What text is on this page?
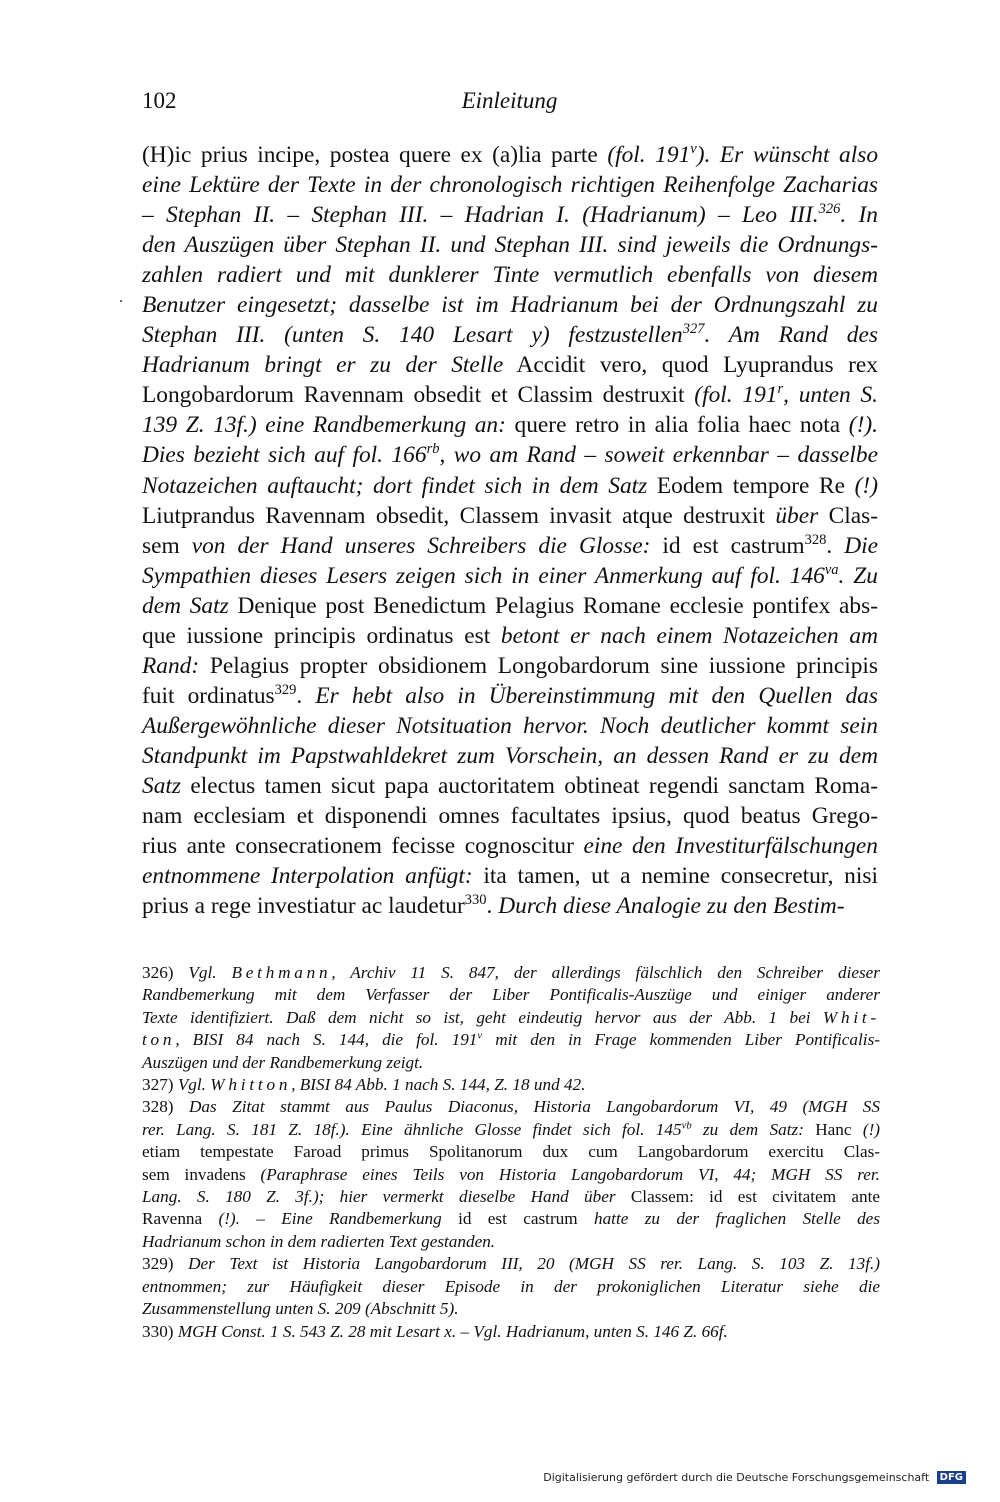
102	Einleitung
(H)ic prius incipe, postea quere ex (a)lia parte (fol. 191$^v$). Er wünscht also
eine Lektüre der Texte in der chronologisch richtigen Reihenfolge Zacharias
– Stephan II. – Stephan III. – Hadrian I. (Hadrianum) – Leo III.$^{326}$. In
den Auszügen über Stephan II. und Stephan III. sind jeweils die Ordnungs-
zahlen radiert und mit dunklerer Tinte vermutlich ebenfalls von diesem
Benutzer eingesetzt; dasselbe ist im Hadrianum bei der Ordnungszahl zu
Stephan III. (unten S. 140 Lesart y) festzustellen$^{327}$. Am Rand des
Hadrianum bringt er zu der Stelle Accidit vero, quod Lyuprandus rex
Longobardorum Ravennam obsedit et Classim destruxit (fol. 191$^r$, unten S.
139 Z. 13f.) eine Randbemerkung an: quere retro in alia folia haec nota (!).
Dies bezieht sich auf fol. $166^{rb}$, wo am Rand – soweit erkennbar – dasselbe
Notazeichen auftaucht; dort findet sich in dem Satz Eodem tempore Re (!)
Liutprandus Ravennam obsedit, Classem invasit atque destruxit über Clas-
sem von der Hand unseres Schreibers die Glosse: id est castrum$^{328}$. Die
Sympathien dieses Lesers zeigen sich in einer Anmerkung auf fol. $146^{va}$. Zu
dem Satz Denique post Benedictum Pelagius Romane ecclesie pontifex abs-
que iussione principis ordinatus est betont er nach einem Notazeichen am
Rand: Pelagius propter obsidionem Longobardorum sine iussione principis
fuit ordinatus$^{329}$. Er hebt also in Übereinstimmung mit den Quellen das
Außergewöhnliche dieser Notsituation hervor. Noch deutlicher kommt sein
Standpunkt im Papstwahldekret zum Vorschein, an dessen Rand er zu dem
Satz electus tamen sicut papa auctoritatem obtineat regendi sanctam Roma-
nam ecclesiam et disponendi omnes facultates ipsius, quod beatus Grego-
rius ante consecrationem fecisse cognoscitur eine den Investiturfälschungen
entnommene Interpolation anfügt: ita tamen, ut a nemine consecretur, nisi
prius a rege investiatur ac laudetur$^{330}$. Durch diese Analogie zu den Bestim-
326) Vgl. Bethmann, Archiv 11 S. 847, der allerdings fälschlich den Schreiber dieser
Randbemerkung mit dem Verfasser der Liber Pontificalis-Auszüge und einiger anderer
Texte identifiziert. Daß dem nicht so ist, geht eindeutig hervor aus der Abb. 1 bei Whit-
ton, BISI 84 nach S. 144, die fol. 191$^v$ mit den in Frage kommenden Liber Pontificalis-
Auszügen und der Randbemerkung zeigt.
327) Vgl. Whitton, BISI 84 Abb. 1 nach S. 144, Z. 18 und 42.
328) Das Zitat stammt aus Paulus Diaconus, Historia Langobardorum VI, 49 (MGH SS
rer. Lang. S. 181 Z. 18f.). Eine ähnliche Glosse findet sich fol. $145^{vb}$ zu dem Satz: Hanc (!)
etiam tempestate Faroad primus Spolitanorum dux cum Langobardorum exercitu Clas-
sem invadens (Paraphrase eines Teils von Historia Langobardorum VI, 44; MGH SS rer.
Lang. S. 180 Z. 3f.); hier vermerkt dieselbe Hand über Classem: id est civitatem ante
Ravenna (!). – Eine Randbemerkung id est castrum hatte zu der fraglichen Stelle des
Hadrianum schon in dem radierten Text gestanden.
329) Der Text ist Historia Langobardorum III, 20 (MGH SS rer. Lang. S. 103 Z. 13f.)
entnommen; zur Häufigkeit dieser Episode in der prokoniglichen Literatur siehe die
Zusammenstellung unten S. 209 (Abschnitt 5).
330) MGH Const. 1 S. 543 Z. 28 mit Lesart x. – Vgl. Hadrianum, unten S. 146 Z. 66f.
Digitalisierung gefördert durch die Deutsche Forschungsgemeinschaft DFG
